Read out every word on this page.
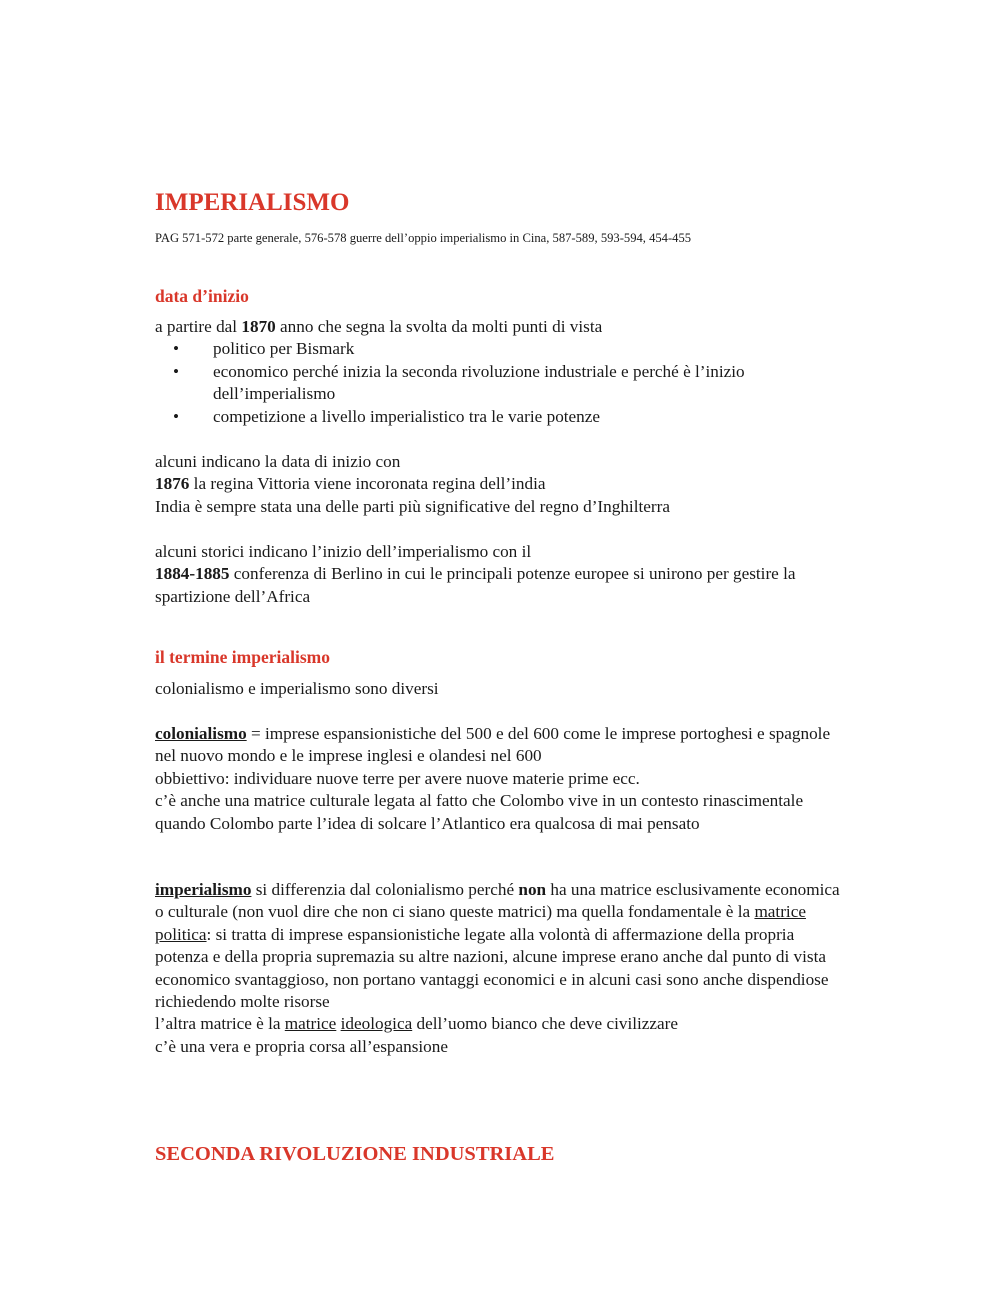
IMPERIALISMO
PAG 571-572 parte generale, 576-578 guerre dell’oppio imperialismo in Cina, 587-589, 593-594, 454-455
data d’inizio

a partire dal 1870 anno che segna la svolta da molti punti di vista

• politico per Bismark
• economico perché inizia la seconda rivoluzione industriale e perché è l’inizio dell’imperialismo
• competizione a livello imperialistico tra le varie potenze

alcuni indicano la data di inizio con

1876 la regina Vittoria viene incoronata regina dell’india

India è sempre stata una delle parti più significative del regno d’Inghilterra

alcuni storici indicano l’inizio dell’imperialismo con il

1884-1885 conferenza di Berlino in cui le principali potenze europee si unirono per gestire la spartizione dell’Africa

il termine imperialismo
colonialismo e imperialismo sono diversi

colonialismo = imprese espansionistiche del 500 e del 600 come le imprese portoghesi e spagnole nel nuovo mondo e le imprese inglesi e olandesi nel 600

obbiettivo: individuare nuove terre per avere nuove materie prime ecc.

c’è anche una matrice culturale legata al fatto che Colombo vive in un contesto rinascimentale

quando Colombo parte l’idea di solcare l’Atlantico era qualcosa di mai pensato

imperialismo si differenzia dal colonialismo perché non ha una matrice esclusivamente economica

o culturale (non vuol dire che non ci siano queste matrici) ma quella fondamentale è la matrice politica: si tratta di imprese espansionistiche legate alla volontà di affermazione della propria potenza e della propria supremazia su altre nazioni, alcune imprese erano anche dal punto di vista economico svantaggioso, non portano vantaggi economici e in alcuni casi sono anche dispendiose richiedendo molte risorse

l’altra matrice è la matrice ideologica dell’uomo bianco che deve civilizzare

c’è una vera e propria corsa all’espansione

SECONDA RIVOLUZIONE INDUSTRIALE
